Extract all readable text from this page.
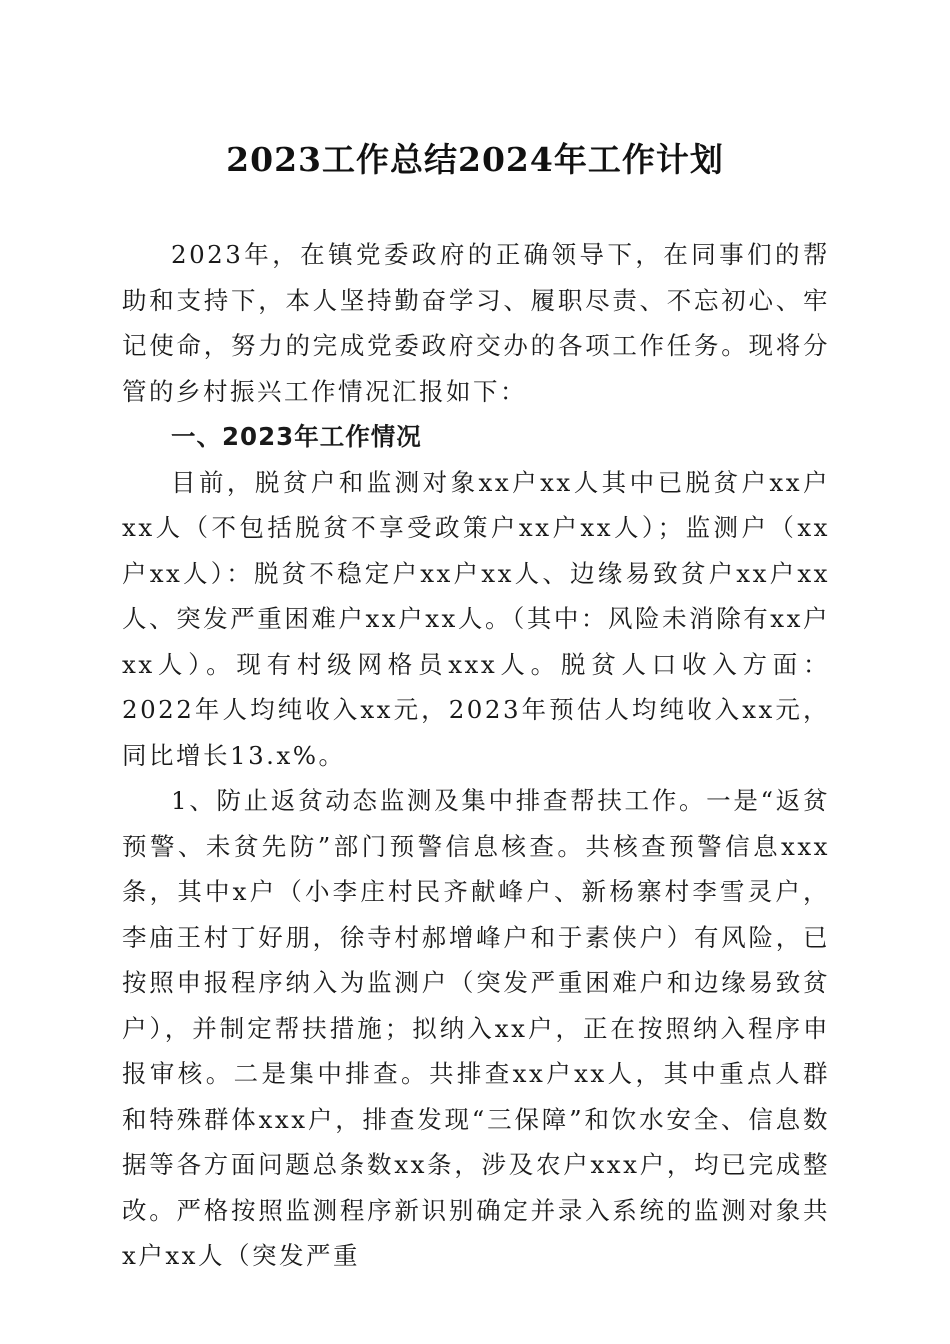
2023工作总结2024年工作计划

2023年，在镇党委政府的正确领导下，在同事们的帮助和支持下，本人坚持勤奋学习、履职尽责、不忘初心、牢记使命，努力的完成党委政府交办的各项工作任务。现将分管的乡村振兴工作情况汇报如下：

一、2023年工作情况

目前，脱贫户和监测对象xx户xx人其中已脱贫户xx户xx人（不包括脱贫不享受政策户xx户xx人）；监测户（xx户xx人）：脱贫不稳定户xx户xx人、边缘易致贫户xx户xx人、突发严重困难户xx户xx人。（其中：风险未消除有xx户xx人）。现有村级网格员xxx人。脱贫人口收入方面：2022年人均纯收入xx元，2023年预估人均纯收入xx元，同比增长13.x%。

1、防止返贫动态监测及集中排查帮扶工作。一是“返贫预警、未贫先防”部门预警信息核查。共核查预警信息xxx条，其中x户（小李庄村民齐献峰户、新杨寨村李雪灵户，李庙王村丁好朋，徐寺村郝增峰户和于素侠户）有风险，已按照申报程序纳入为监测户（突发严重困难户和边缘易致贫户），并制定帮扶措施；拟纳入xx户，正在按照纳入程序申报审核。二是集中排查。共排查xx户xx人，其中重点人群和特殊群体xxx户，排查发现“三保障”和饮水安全、信息数据等各方面问题总条数xx条，涉及农户xxx户，均已完成整改。严格按照监测程序新识别确定并录入系统的监测对象共x户xx人（突发严重
